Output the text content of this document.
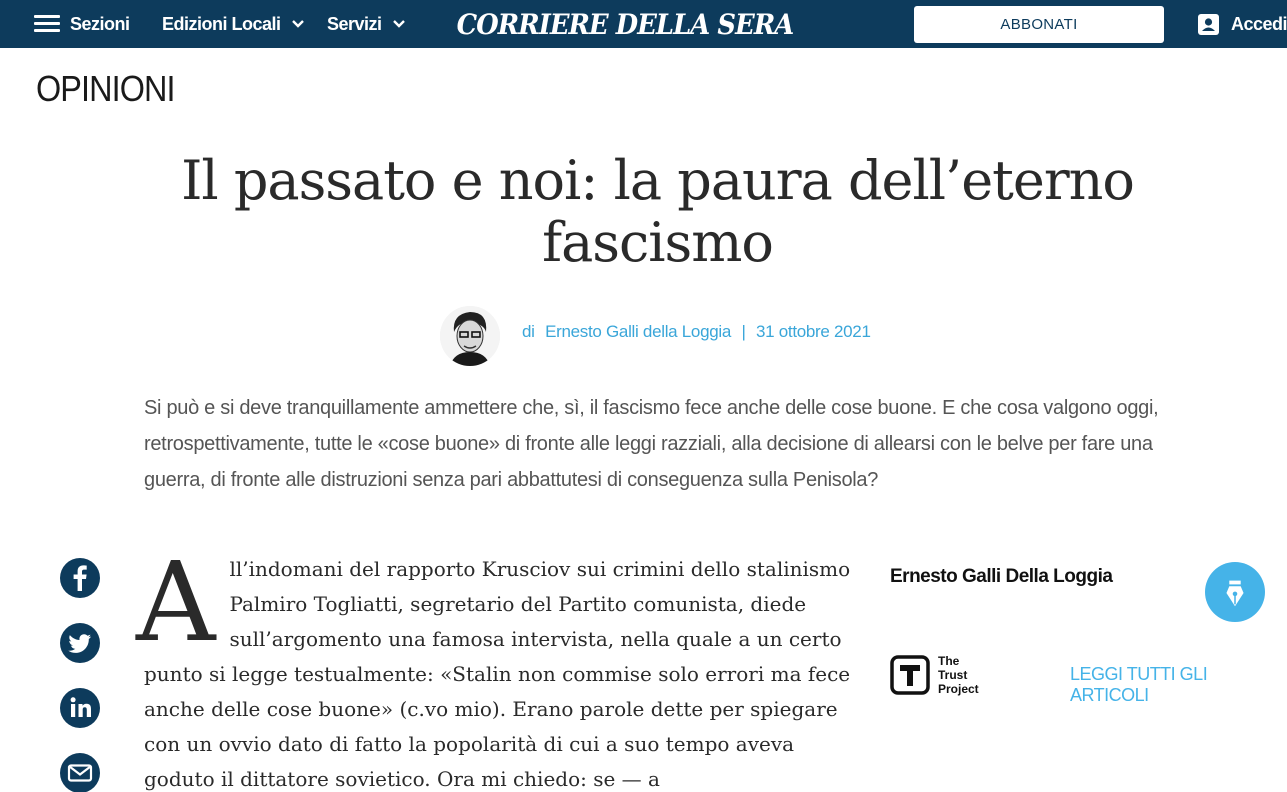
Sezioni Edizioni Locali	Servizi	CORRIERE DELLA SERA	ABBONATI	Accedi
OPINIONI
Il passato e noi: la paura dell’eterno fascismo
di Ernesto Galli della Loggia | 31 ottobre 2021

Si può e si deve tranquillamente ammettere che, sì, il fascismo fece anche delle cose buone. E che cosa valgono oggi, retrospettivamente, tutte le «cose buone» di fronte alle leggi razziali, alla decisione di allearsi con le belve per fare una guerra, di fronte alle distruzioni senza pari abbattutesi di conseguenza sulla Penisola?

A ll’indomani del rapporto Krusciov sui crimini dello stalinismo Palmiro Togliatti, segretario del Partito comunista, diede sull’argomento una famosa intervista, nella quale a un certo punto si legge testualmente: «Stalin non commise solo errori ma fece anche delle cose buone» (c.vo mio). Erano parole dette per spiegare con un ovvio dato di fatto la popolarità di cui a suo tempo aveva goduto il dittatore sovietico. Ora mi chiedo: se — a
Ernesto Galli Della Loggia
The
Trust
Project
LEGGI TUTTI GLI ARTICOLI
